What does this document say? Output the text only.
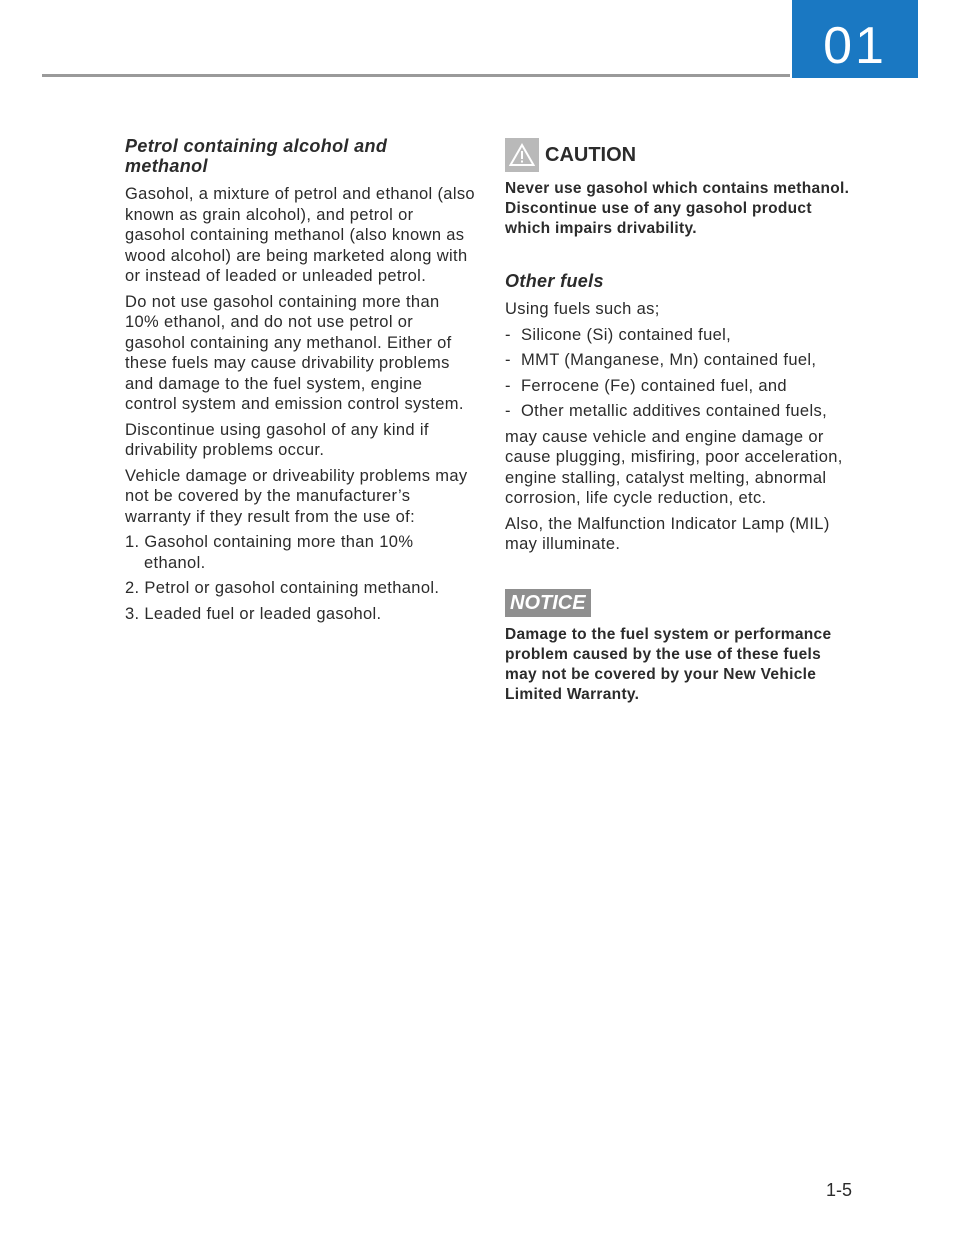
01
Petrol containing alcohol and methanol

Gasohol, a mixture of petrol and ethanol (also known as grain alcohol), and petrol or gasohol containing methanol (also known as wood alcohol) are being marketed along with or instead of leaded or unleaded petrol.

Do not use gasohol containing more than 10% ethanol, and do not use petrol or gasohol containing any methanol. Either of these fuels may cause drivability problems and damage to the fuel system, engine control system and emission control system.

Discontinue using gasohol of any kind if drivability problems occur.

Vehicle damage or driveability problems may not be covered by the manufacturer’s warranty if they result from the use of:

1. Gasohol containing more than 10% ethanol.

2. Petrol or gasohol containing methanol.

3. Leaded fuel or leaded gasohol.

CAUTION

Never use gasohol which contains methanol. Discontinue use of any gasohol product which impairs drivability.

Other fuels

Using fuels such as;

- Silicone (Si) contained fuel,
- MMT (Manganese, Mn) contained fuel,
- Ferrocene (Fe) contained fuel, and
- Other metallic additives contained fuels,

may cause vehicle and engine damage or cause plugging, misfiring, poor acceleration, engine stalling, catalyst melting, abnormal corrosion, life cycle reduction, etc.

Also, the Malfunction Indicator Lamp (MIL) may illuminate.

NOTICE

Damage to the fuel system or performance problem caused by the use of these fuels may not be covered by your New Vehicle Limited Warranty.

1-5
